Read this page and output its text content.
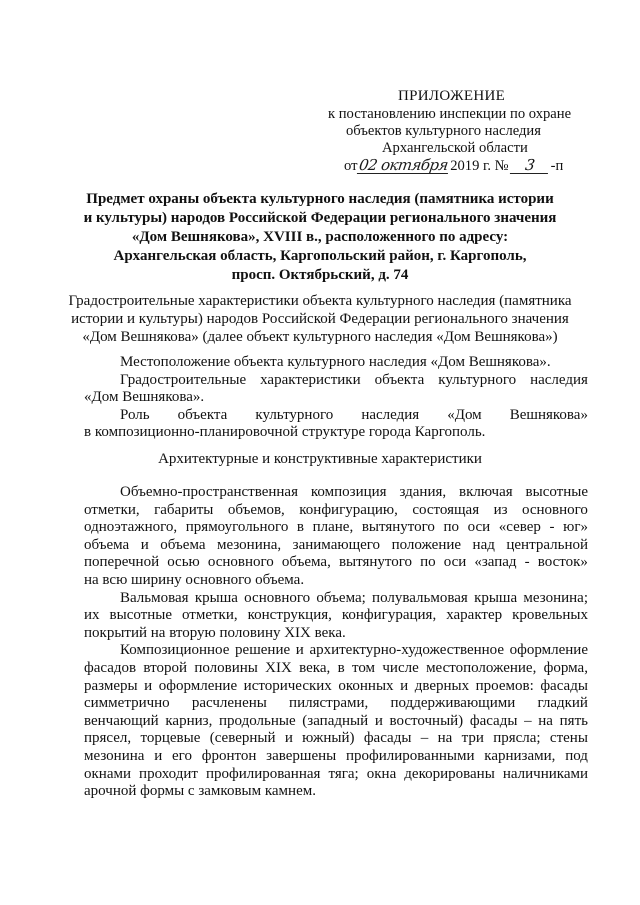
ПРИЛОЖЕНИЕ
к постановлению инспекции по охране
объектов культурного наследия
Архангельской области
от 02 октября 2019 г. №	3	-п
Предмет охраны объекта культурного наследия (памятника истории
и культуры) народов Российской Федерации регионального значения
«Дом Вешнякова», XVIII в., расположенного по адресу:
Архангельская область, Каргопольский район, г. Каргополь,
просп. Октябрьский, д. 74
Градостроительные характеристики объекта культурного наследия (памятника
истории и культуры) народов Российской Федерации регионального значения
«Дом Вешнякова» (далее объект культурного наследия «Дом Вешнякова»)
Местоположение объекта культурного наследия «Дом Вешнякова».
Градостроительные характеристики объекта культурного наследия
«Дом Вешнякова».
Роль объекта культурного наследия «Дом Вешнякова»
в композиционно-планировочной структуре города Каргополь.
Архитектурные и конструктивные характеристики
Объемно-пространственная композиция здания, включая высотные
отметки, габариты объемов, конфигурацию, состоящая из основного
одноэтажного, прямоугольного в плане, вытянутого по оси «север - юг»
объема и объема мезонина, занимающего положение над центральной
поперечной осью основного объема, вытянутого по оси «запад - восток»
на всю ширину основного объема.
Вальмовая крыша основного объема; полувальмовая крыша мезонина;
их высотные отметки, конструкция, конфигурация, характер кровельных
покрытий на вторую половину XIX века.
Композиционное решение и архитектурно-художественное оформление
фасадов второй половины XIX века, в том числе местоположение, форма,
размеры и оформление исторических оконных и дверных проемов: фасады
симметрично расчленены пилястрами, поддерживающими гладкий
венчающий карниз, продольные (западный и восточный) фасады – на пять
прясел, торцевые (северный и южный) фасады – на три прясла; стены
мезонина и его фронтон завершены профилированными карнизами, под
окнами проходит профилированная тяга; окна декорированы наличниками
арочной формы с замковым камнем.
